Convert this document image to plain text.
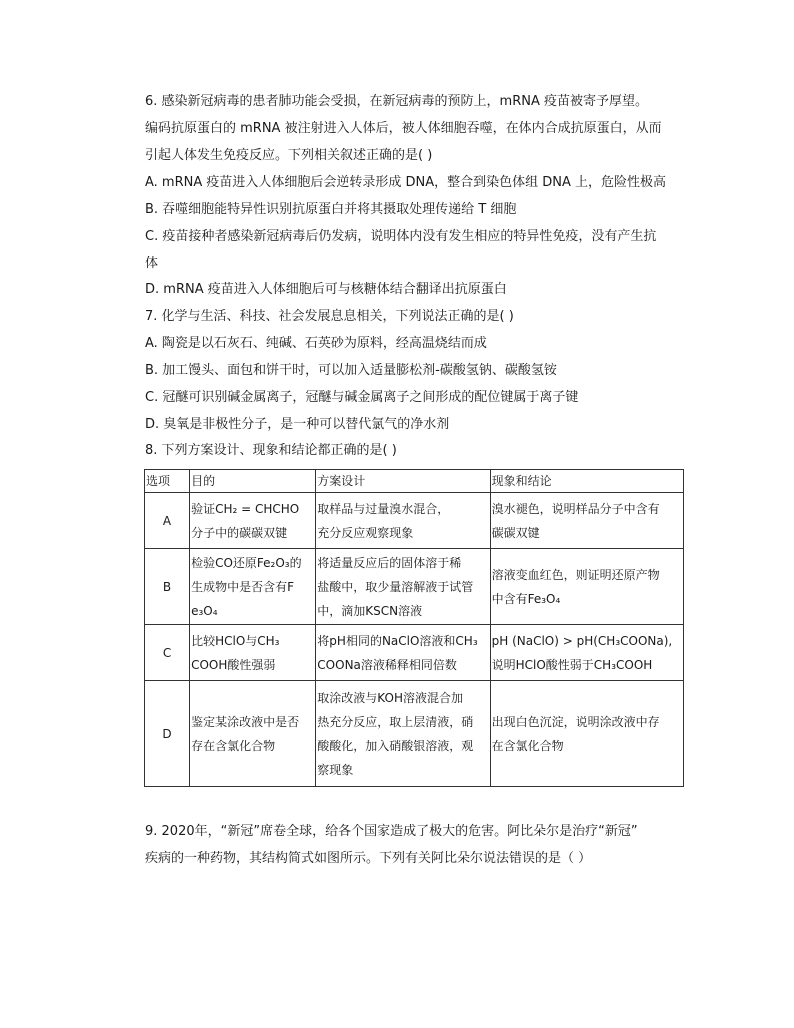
6. 感染新冠病毒的患者肺功能会受损，在新冠病毒的预防上，mRNA 疫苗被寄予厚望。
编码抗原蛋白的 mRNA 被注射进入人体后，被人体细胞吞噬，在体内合成抗原蛋白，从而
引起人体发生免疫反应。下列相关叙述正确的是( )
A. mRNA 疫苗进入人体细胞后会逆转录形成 DNA，整合到染色体组 DNA 上，危险性极高
B. 吞噬细胞能特异性识别抗原蛋白并将其摄取处理传递给 T 细胞
C. 疫苗接种者感染新冠病毒后仍发病，说明体内没有发生相应的特异性免疫，没有产生抗
体
D. mRNA 疫苗进入人体细胞后可与核糖体结合翻译出抗原蛋白
7. 化学与生活、科技、社会发展息息相关，下列说法正确的是( )
A. 陶瓷是以石灰石、纯碱、石英砂为原料，经高温烧结而成
B. 加工馒头、面包和饼干时，可以加入适量膨松剂-碳酸氢钠、碳酸氢铵
C. 冠醚可识别碱金属离子，冠醚与碱金属离子之间形成的配位键属于离子键
D. 臭氧是非极性分子，是一种可以替代氯气的净水剂
8. 下列方案设计、现象和结论都正确的是( )
选项	目的	方案设计	现象和结论
A	验证CH₂ = CHCHO
分子中的碳碳双键	取样品与过量溴水混合，
充分反应观察现象	溴水褪色，说明样品分子中含有
碳碳双键

B	检验CO还原Fe₂O₃的
生成物中是否含有F
e₃O₄	将适量反应后的固体溶于稀
盐酸中，取少量溶解液于试管
中，滴加KSCN溶液	溶液变血红色，则证明还原产物
中含有Fe₃O₄

C	比较HClO与CH₃
COOH酸性强弱	将pH相同的NaClO溶液和CH₃
COONa溶液稀释相同倍数	pH (NaClO) > pH(CH₃COONa),
说明HClO酸性弱于CH₃COOH

D	鉴定某涂改液中是否
存在含氯化合物	取涂改液与KOH溶液混合加
热充分反应，取上层清液，硝
酸酸化，加入硝酸银溶液，观
察现象	出现白色沉淀，说明涂改液中存
在含氯化合物
9. 2020年，“新冠”席卷全球，给各个国家造成了极大的危害。阿比朵尔是治疗“新冠”
疾病的一种药物，其结构简式如图所示。下列有关阿比朵尔说法错误的是（ ）
